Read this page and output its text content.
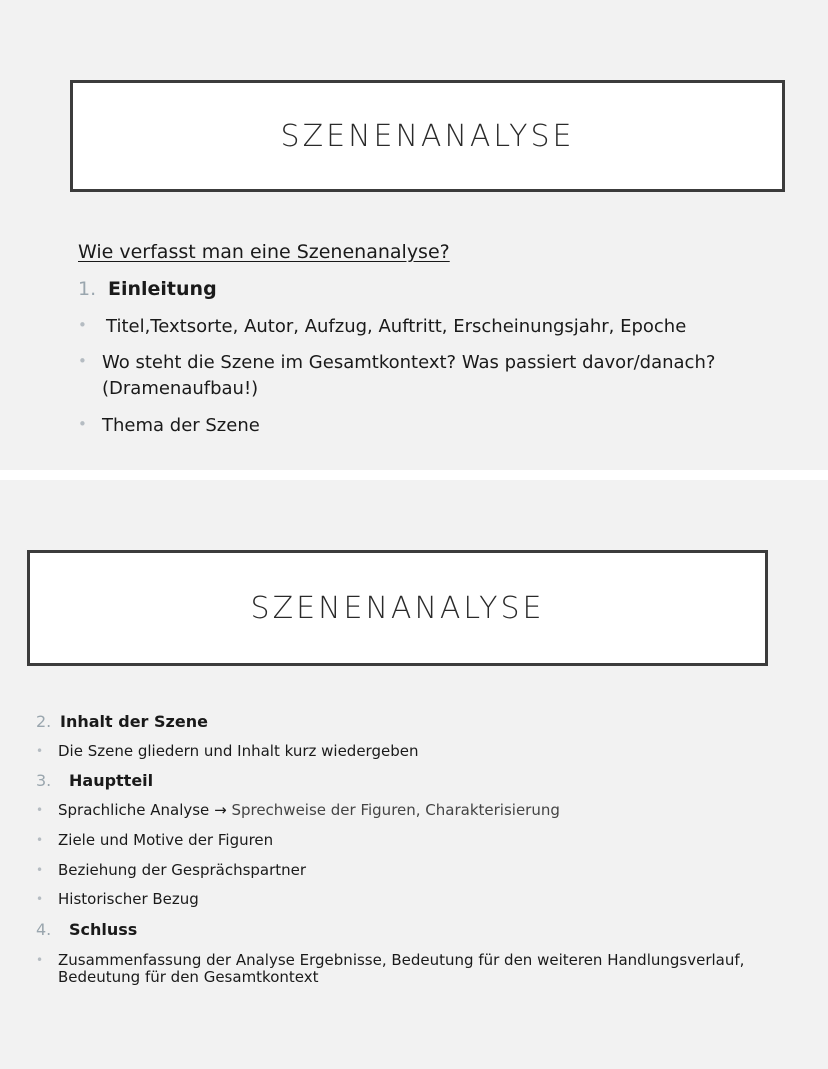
SZENENANALYSE
Wie verfasst man eine Szenenanalyse?
1. Einleitung
• Titel,Textsorte, Autor, Aufzug, Auftritt, Erscheinungsjahr, Epoche
• Wo steht die Szene im Gesamtkontext? Was passiert davor/danach?
(Dramenaufbau!)
• Thema der Szene
SZENENANALYSE
2. Inhalt der Szene
• Die Szene gliedern und Inhalt kurz wiedergeben
3. Hauptteil
• Sprachliche Analyse → Sprechweise der Figuren, Charakterisierung
• Ziele und Motive der Figuren
• Beziehung der Gesprächspartner
• Historischer Bezug
4. Schluss
• Zusammenfassung der Analyse Ergebnisse, Bedeutung für den weiteren Handlungsverlauf,
Bedeutung für den Gesamtkontext
